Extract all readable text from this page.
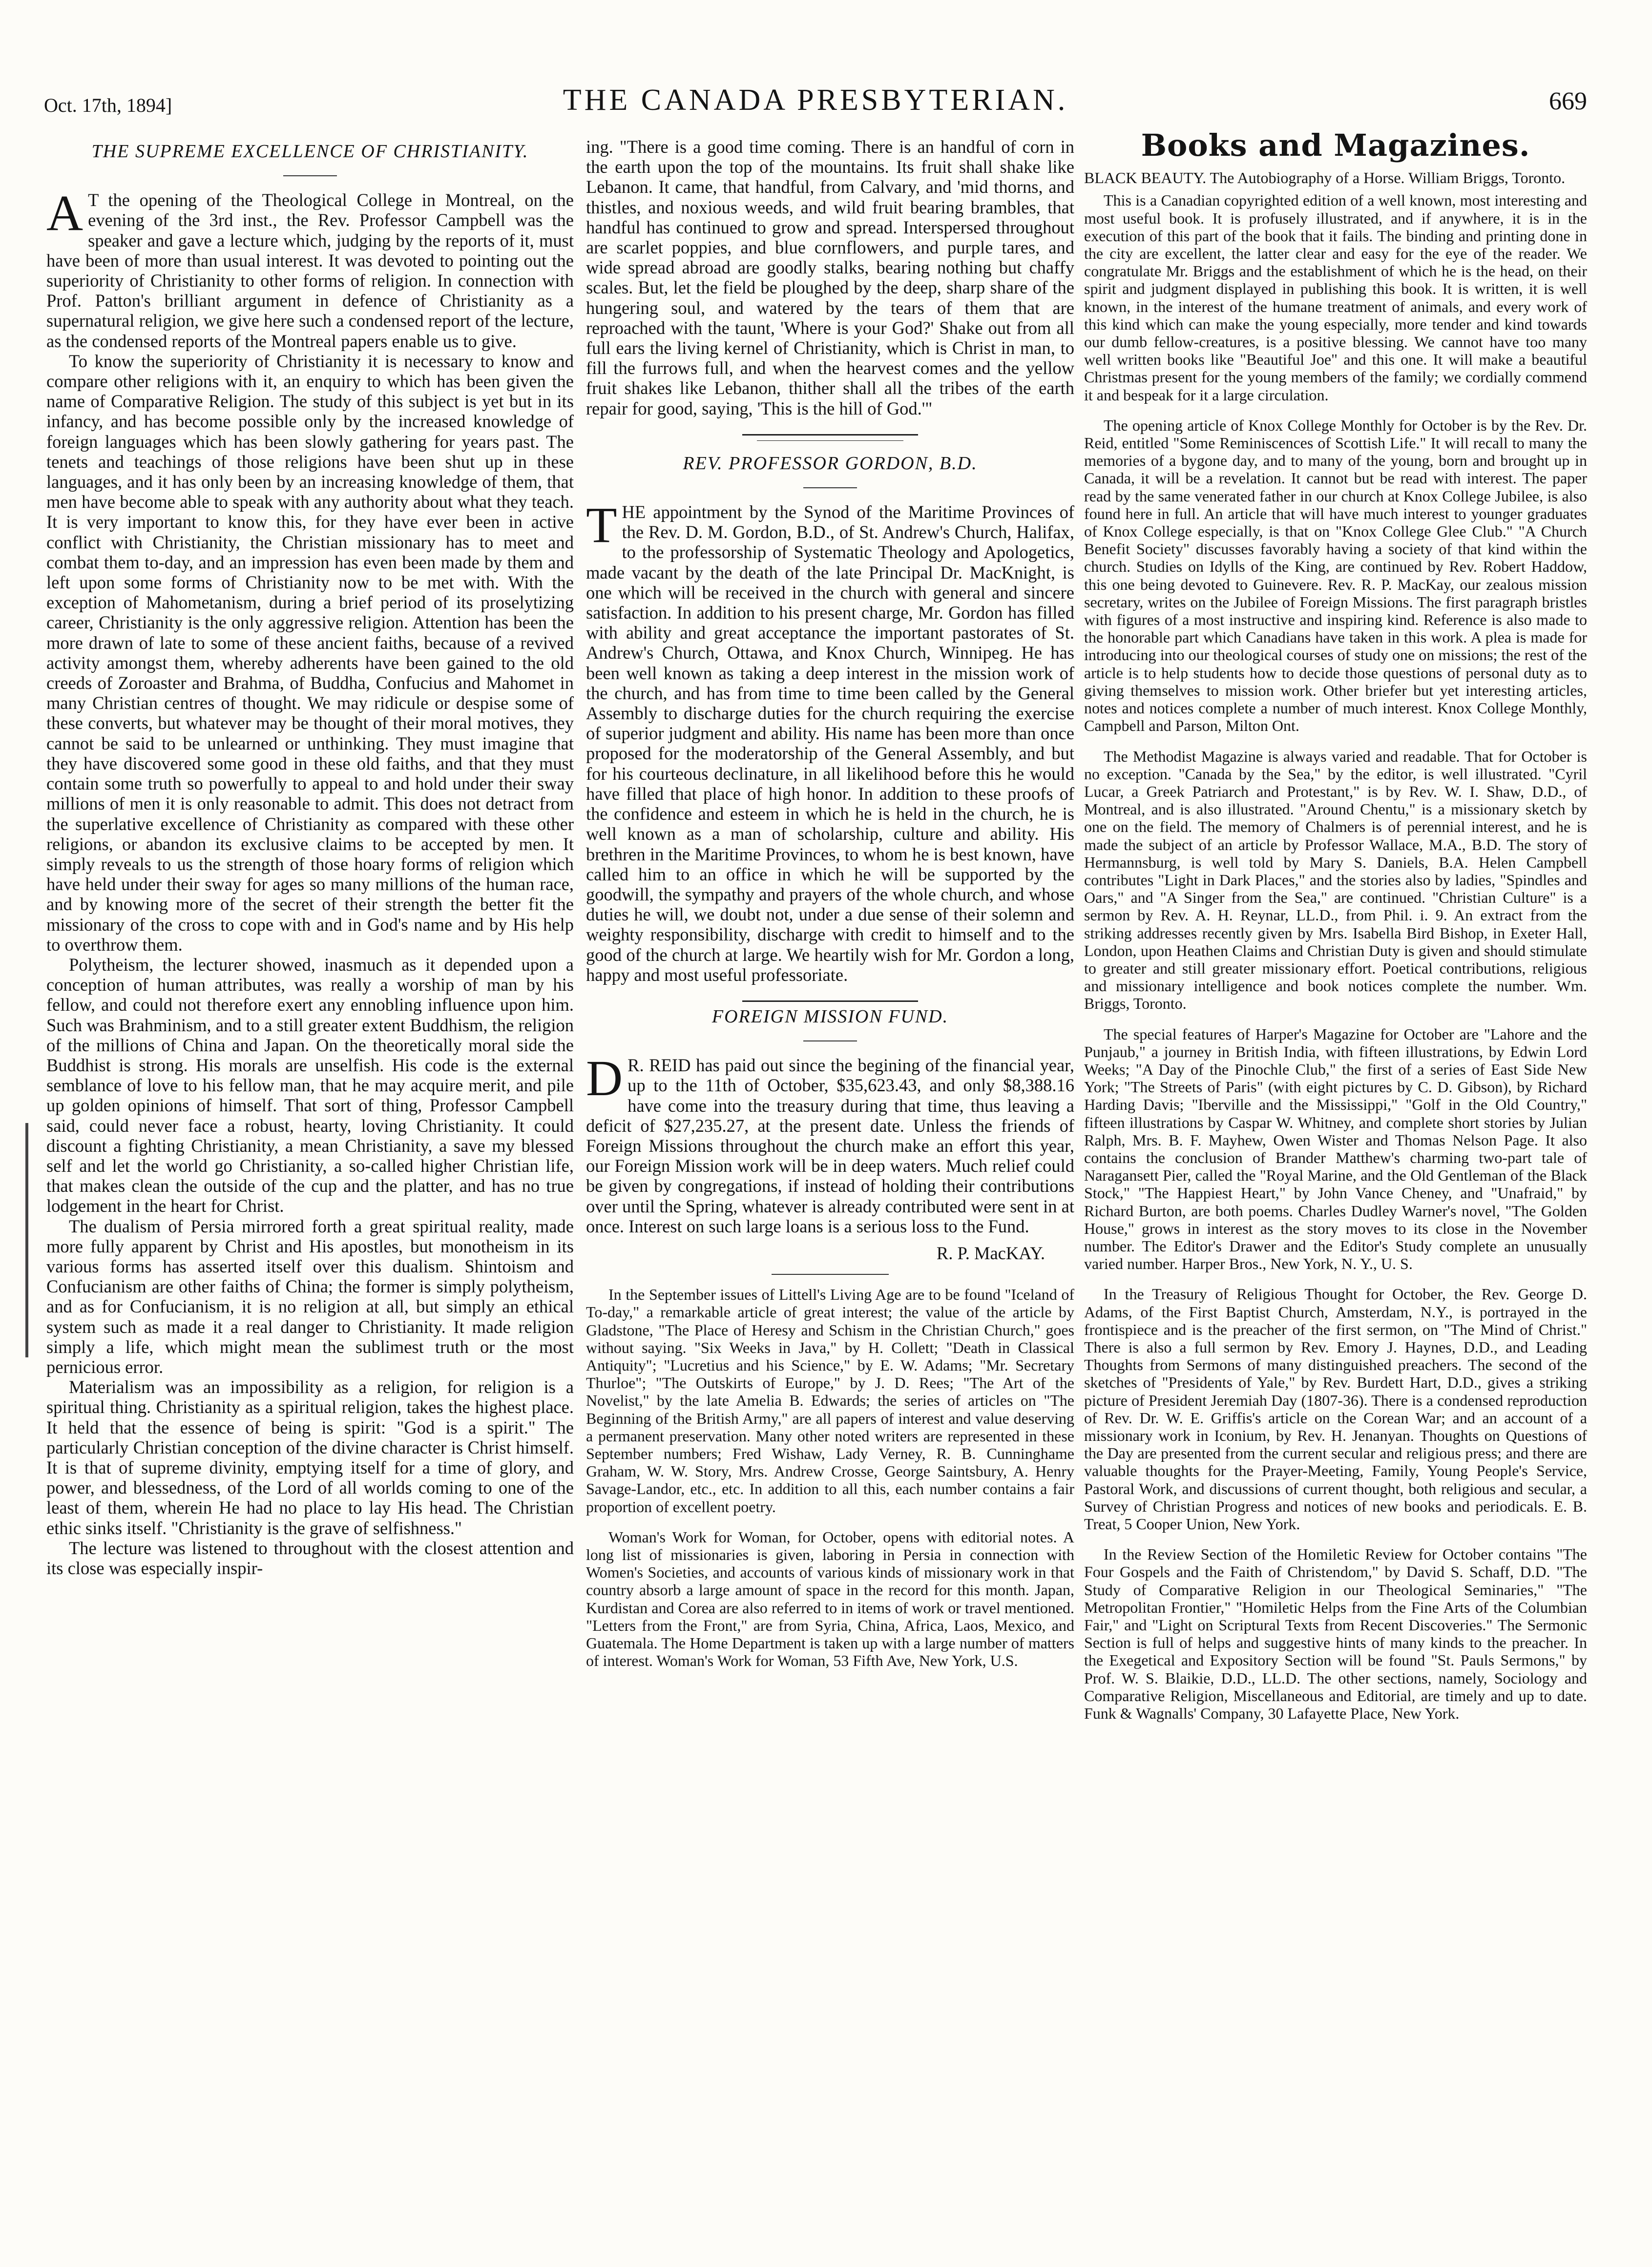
Oct. 17th, 1894]	THE CANADA PRESBYTERIAN.	669
THE SUPREME EXCELLENCE OF CHRISTIANITY.
A T the opening of the Theological College in Montreal, on the evening of the 3rd inst., the Rev. Professor Campbell was the speaker and gave a lecture which, judging by the reports of it, must have been of more than usual interest. It was devoted to pointing out the superiority of Christianity to other forms of religion. In connection with Prof. Patton's brilliant argument in defence of Christianity as a supernatural religion, we give here such a condensed report of the lecture, as the condensed reports of the Montreal papers enable us to give.

To know the superiority of Christianity it is necessary to know and compare other religions with it, an enquiry to which has been given the name of Comparative Religion. The study of this subject is yet but in its infancy, and has become possible only by the increased knowledge of foreign languages which has been slowly gathering for years past. The tenets and teachings of those religions have been shut up in these languages, and it has only been by an increasing knowledge of them, that men have become able to speak with any authority about what they teach. It is very important to know this, for they have ever been in active conflict with Christianity, the Christian missionary has to meet and combat them to-day, and an impression has even been made by them and left upon some forms of Christianity now to be met with. With the exception of Mahometanism, during a brief period of its proselytizing career, Christianity is the only aggressive religion. Attention has been the more drawn of late to some of these ancient faiths, because of a revived activity amongst them, whereby adherents have been gained to the old creeds of Zoroaster and Brahma, of Buddha, Confucius and Mahomet in many Christian centres of thought. We may ridicule or despise some of these converts, but whatever may be thought of their moral motives, they cannot be said to be unlearned or unthinking. They must imagine that they have discovered some good in these old faiths, and that they must contain some truth so powerfully to appeal to and hold under their sway millions of men it is only reasonable to admit. This does not detract from the superlative excellence of Christianity as compared with these other religions, or abandon its exclusive claims to be accepted by men. It simply reveals to us the strength of those hoary forms of religion which have held under their sway for ages so many millions of the human race, and by knowing more of the secret of their strength the better fit the missionary of the cross to cope with and in God's name and by His help to overthrow them.

Polytheism, the lecturer showed, inasmuch as it depended upon a conception of human attributes, was really a worship of man by his fellow, and could not therefore exert any ennobling influence upon him. Such was Brahminism, and to a still greater extent Buddhism, the religion of the millions of China and Japan. On the theoretically moral side the Buddhist is strong. His morals are unselfish. His code is the external semblance of love to his fellow man, that he may acquire merit, and pile up golden opinions of himself. That sort of thing, Professor Campbell said, could never face a robust, hearty, loving Christianity. It could discount a fighting Christianity, a mean Christianity, a save my blessed self and let the world go Christianity, a so-called higher Christian life, that makes clean the outside of the cup and the platter, and has no true lodgement in the heart for Christ.

The dualism of Persia mirrored forth a great spiritual reality, made more fully apparent by Christ and His apostles, but monotheism in its various forms has asserted itself over this dualism. Shintoism and Confucianism are other faiths of China; the former is simply polytheism, and as for Confucianism, it is no religion at all, but simply an ethical system such as made it a real danger to Christianity. It made religion simply a life, which might mean the sublimest truth or the most pernicious error.

Materialism was an impossibility as a religion, for religion is a spiritual thing. Christianity as a spiritual religion, takes the highest place. It held that the essence of being is spirit: "God is a spirit." The particularly Christian conception of the divine character is Christ himself. It is that of supreme divinity, emptying itself for a time of glory, and power, and blessedness, of the Lord of all worlds coming to one of the least of them, wherein He had no place to lay His head. The Christian ethic sinks itself. "Christianity is the grave of selfishness."

The lecture was listened to throughout with the closest attention and its close was especially inspir-

ing. "There is a good time coming. There is an handful of corn in the earth upon the top of the mountains. Its fruit shall shake like Lebanon. It came, that handful, from Calvary, and 'mid thorns, and thistles, and noxious weeds, and wild fruit bearing brambles, that handful has continued to grow and spread. Interspersed throughout are scarlet poppies, and blue cornflowers, and purple tares, and wide spread abroad are goodly stalks, bearing nothing but chaffy scales. But, let the field be ploughed by the deep, sharp share of the hungering soul, and watered by the tears of them that are reproached with the taunt, 'Where is your God?' Shake out from all full ears the living kernel of Christianity, which is Christ in man, to fill the furrows full, and when the hearvest comes and the yellow fruit shakes like Lebanon, thither shall all the tribes of the earth repair for good, saying, 'This is the hill of God.'"

REV. PROFESSOR GORDON, B.D.
T HE appointment by the Synod of the Maritime Provinces of the Rev. D. M. Gordon, B.D., of St. Andrew's Church, Halifax, to the professorship of Systematic Theology and Apologetics, made vacant by the death of the late Principal Dr. MacKnight, is one which will be received in the church with general and sincere satisfaction. In addition to his present charge, Mr. Gordon has filled with ability and great acceptance the important pastorates of St. Andrew's Church, Ottawa, and Knox Church, Winnipeg. He has been well known as taking a deep interest in the mission work of the church, and has from time to time been called by the General Assembly to discharge duties for the church requiring the exercise of superior judgment and ability. His name has been more than once proposed for the moderatorship of the General Assembly, and but for his courteous declinature, in all likelihood before this he would have filled that place of high honor. In addition to these proofs of the confidence and esteem in which he is held in the church, he is well known as a man of scholarship, culture and ability. His brethren in the Maritime Provinces, to whom he is best known, have called him to an office in which he will be supported by the goodwill, the sympathy and prayers of the whole church, and whose duties he will, we doubt not, under a due sense of their solemn and weighty responsibility, discharge with credit to himself and to the good of the church at large. We heartily wish for Mr. Gordon a long, happy and most useful professoriate.

FOREIGN MISSION FUND.
D R. REID has paid out since the begining of the financial year, up to the 11th of October, $35,623.43, and only $8,388.16 have come into the treasury during that time, thus leaving a deficit of $27,235.27, at the present date. Unless the friends of Foreign Missions throughout the church make an effort this year, our Foreign Mission work will be in deep waters. Much relief could be given by congregations, if instead of holding their contributions over until the Spring, whatever is already contributed were sent in at once. Interest on such large loans is a serious loss to the Fund.

R. P. MacKAY.

In the September issues of Littell's Living Age are to be found "Iceland of To-day," a remarkable article of great interest; the value of the article by Gladstone, "The Place of Heresy and Schism in the Christian Church," goes without saying. "Six Weeks in Java," by H. Collett; "Death in Classical Antiquity"; "Lucretius and his Science," by E. W. Adams; "Mr. Secretary Thurloe"; "The Outskirts of Europe," by J. D. Rees; "The Art of the Novelist," by the late Amelia B. Edwards; the series of articles on "The Beginning of the British Army," are all papers of interest and value deserving a permanent preservation. Many other noted writers are represented in these September numbers; Fred Wishaw, Lady Verney, R. B. Cunninghame Graham, W. W. Story, Mrs. Andrew Crosse, George Saintsbury, A. Henry Savage-Landor, etc., etc. In addition to all this, each number contains a fair proportion of excellent poetry.

Woman's Work for Woman, for October, opens with editorial notes. A long list of missionaries is given, laboring in Persia in connection with Women's Societies, and accounts of various kinds of missionary work in that country absorb a large amount of space in the record for this month. Japan, Kurdistan and Corea are also referred to in items of work or travel mentioned. "Letters from the Front," are from Syria, China, Africa, Laos, Mexico, and Guatemala. The Home Department is taken up with a large number of matters of interest. Woman's Work for Woman, 53 Fifth Ave, New York, U.S.

Books and Magazines.

BLACK BEAUTY. The Autobiography of a Horse. William Briggs, Toronto.

This is a Canadian copyrighted edition of a well known, most interesting and most useful book. It is profusely illustrated, and if anywhere, it is in the execution of this part of the book that it fails. The binding and printing done in the city are excellent, the latter clear and easy for the eye of the reader. We congratulate Mr. Briggs and the establishment of which he is the head, on their spirit and judgment displayed in publishing this book. It is written, it is well known, in the interest of the humane treatment of animals, and every work of this kind which can make the young especially, more tender and kind towards our dumb fellow-creatures, is a positive blessing. We cannot have too many well written books like "Beautiful Joe" and this one. It will make a beautiful Christmas present for the young members of the family; we cordially commend it and bespeak for it a large circulation.

The opening article of Knox College Monthly for October is by the Rev. Dr. Reid, entitled "Some Reminiscences of Scottish Life." It will recall to many the memories of a bygone day, and to many of the young, born and brought up in Canada, it will be a revelation. It cannot but be read with interest. The paper read by the same venerated father in our church at Knox College Jubilee, is also found here in full. An article that will have much interest to younger graduates of Knox College especially, is that on "Knox College Glee Club." "A Church Benefit Society" discusses favorably having a society of that kind within the church. Studies on Idylls of the King, are continued by Rev. Robert Haddow, this one being devoted to Guinevere. Rev. R. P. MacKay, our zealous mission secretary, writes on the Jubilee of Foreign Missions. The first paragraph bristles with figures of a most instructive and inspiring kind. Reference is also made to the honorable part which Canadians have taken in this work. A plea is made for introducing into our theological courses of study one on missions; the rest of the article is to help students how to decide those questions of personal duty as to giving themselves to mission work. Other briefer but yet interesting articles, notes and notices complete a number of much interest. Knox College Monthly, Campbell and Parson, Milton Ont.

The Methodist Magazine is always varied and readable. That for October is no exception. "Canada by the Sea," by the editor, is well illustrated. "Cyril Lucar, a Greek Patriarch and Protestant," is by Rev. W. I. Shaw, D.D., of Montreal, and is also illustrated. "Around Chentu," is a missionary sketch by one on the field. The memory of Chalmers is of perennial interest, and he is made the subject of an article by Professor Wallace, M.A., B.D. The story of Hermannsburg, is well told by Mary S. Daniels, B.A. Helen Campbell contributes "Light in Dark Places," and the stories also by ladies, "Spindles and Oars," and "A Singer from the Sea," are continued. "Christian Culture" is a sermon by Rev. A. H. Reynar, LL.D., from Phil. i. 9. An extract from the striking addresses recently given by Mrs. Isabella Bird Bishop, in Exeter Hall, London, upon Heathen Claims and Christian Duty is given and should stimulate to greater and still greater missionary effort. Poetical contributions, religious and missionary intelligence and book notices complete the number. Wm. Briggs, Toronto.

The special features of Harper's Magazine for October are "Lahore and the Punjaub," a journey in British India, with fifteen illustrations, by Edwin Lord Weeks; "A Day of the Pinochle Club," the first of a series of East Side New York; "The Streets of Paris" (with eight pictures by C. D. Gibson), by Richard Harding Davis; "Iberville and the Mississippi," "Golf in the Old Country," fifteen illustrations by Caspar W. Whitney, and complete short stories by Julian Ralph, Mrs. B. F. Mayhew, Owen Wister and Thomas Nelson Page. It also contains the conclusion of Brander Matthew's charming two-part tale of Naragansett Pier, called the "Royal Marine, and the Old Gentleman of the Black Stock," "The Happiest Heart," by John Vance Cheney, and "Unafraid," by Richard Burton, are both poems. Charles Dudley Warner's novel, "The Golden House," grows in interest as the story moves to its close in the November number. The Editor's Drawer and the Editor's Study complete an unusually varied number. Harper Bros., New York, N. Y., U. S.

In the Treasury of Religious Thought for October, the Rev. George D. Adams, of the First Baptist Church, Amsterdam, N.Y., is portrayed in the frontispiece and is the preacher of the first sermon, on "The Mind of Christ." There is also a full sermon by Rev. Emory J. Haynes, D.D., and Leading Thoughts from Sermons of many distinguished preachers. The second of the sketches of "Presidents of Yale," by Rev. Burdett Hart, D.D., gives a striking picture of President Jeremiah Day (1807-36). There is a condensed reproduction of Rev. Dr. W. E. Griffis's article on the Corean War; and an account of a missionary work in Iconium, by Rev. H. Jenanyan. Thoughts on Questions of the Day are presented from the current secular and religious press; and there are valuable thoughts for the Prayer-Meeting, Family, Young People's Service, Pastoral Work, and discussions of current thought, both religious and secular, a Survey of Christian Progress and notices of new books and periodicals. E. B. Treat, 5 Cooper Union, New York.

In the Review Section of the Homiletic Review for October contains "The Four Gospels and the Faith of Christendom," by David S. Schaff, D.D. "The Study of Comparative Religion in our Theological Seminaries," "The Metropolitan Frontier," "Homiletic Helps from the Fine Arts of the Columbian Fair," and "Light on Scriptural Texts from Recent Discoveries." The Sermonic Section is full of helps and suggestive hints of many kinds to the preacher. In the Exegetical and Expository Section will be found "St. Pauls Sermons," by Prof. W. S. Blaikie, D.D., LL.D. The other sections, namely, Sociology and Comparative Religion, Miscellaneous and Editorial, are timely and up to date. Funk & Wagnalls' Company, 30 Lafayette Place, New York.
